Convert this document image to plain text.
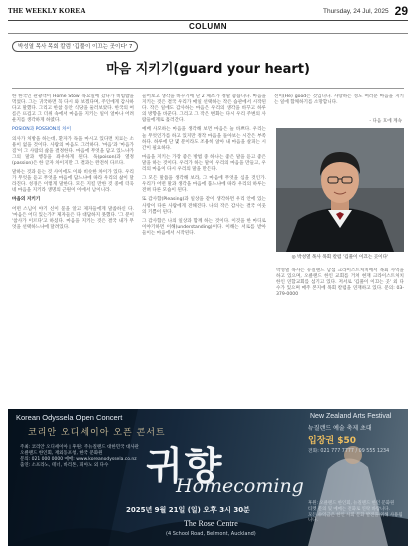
THE WEEKLY KOREA	Thursday, 24 Jul, 2025 29
COLUMN
박성열 목사 목회 칼럼 '깁풀이 이끄는 곳이다' 7
마음 지키기(guard your heart)

한 한국인 관광객이 Home Stow 목요일에 갔다가 비빔밥을 먹었다. 그는 귀국하면 꼭 다시 와 보겠다며, 주인에게 감사하다고 말했다. 그리고 한참 동안 식당을 둘러보았다. 한국의 여름은 뜨겁고 그 더위 속에서 마음을 지키는 일이 얼마나 어려운지를 생각하게 하였다.

POSION과 POSSION의 차이

의사가 처방을 하는데, 환자가 독을 마시고 있다면 치료는 소용이 없을 것이다. 사람의 마음도 그러하다. '마음'과 '마음가짐'이 그 사람의 삶을 결정한다. 마음에 무엇을 담고 있느냐가 그의 말과 행동을 좌우하게 된다. 독(poison)과 열정(passion)은 한 글자 차이지만 그 결과는 완전히 다르다.

말하는 것과 듣는 것 사이에도 이와 비슷한 차이가 있다. 우리가 무엇을 듣고 무엇을 마음에 담느냐에 따라 우리의 삶이 달라진다. 성경은 이렇게 말한다. 모든 지킬 만한 것 중에 더욱 네 마음을 지키라 생명의 근원이 이에서 남이니라.

마음의 지키기

어떤 스님이 야기 신이 묻을 알고 제자들에게 말씀하신 다. '마음은 어디 있는가?' 제자들은 다 대답하지 못했다. '그 분이 '참사가 이르다'고 하셨다. 마음을 지키는 것은 결국 내가 무엇을 선택하느냐에 달려있다.

들어보고 생각을 바꾸기에 단 2 체조가 정말 좋습니다. 마음을 지키는 것은 결국 우리가 매일 선택하는 작은 습관에서 시작된다. 작은 일에도 감사하는 마음은 우리의 생각을 바꾸고 하루의 방향을 바꾼다. 그리고 그 작은 변화는 다시 우리 주변의 사람들에게로 흘러간다.

예배 사모하는 마음을 생각해 보면 마음은 늘 바쁘다. 우리는 늘 무엇인가를 하고 있지만 정작 마음을 돌아보는 시간은 부족하다. 하루에 단 몇 분이라도 조용히 앉아 내 마음을 살피는 시간이 필요하다.

마음을 지키는 가장 좋은 방법 중 하나는 좋은 말을 듣고 좋은 말을 하는 것이다. 우리가 하는 말이 우리의 마음을 만들고, 우리의 마음이 다시 우리의 말을 만든다.

그 모든 말씀을 생각해 보라, 그 마음에 무엇을 심을 것인가. 우리가 어떤 말과 생각을 마음에 품느냐에 따라 우리의 하루는 전혀 다른 모습이 된다.

또 감사함(Pleasing)과 일상을 같이 생각하면 우리 안에 있는 사랑이 다른 사람에게 전해진다. 나의 작은 감사는 결국 이웃의 기쁨이 된다.

그 감사함은 나의 일상과 함께 하는 것이다. 이것을 한 마디로 이야기하면 이해(understanding)이다. 이해는 서로를 받아들이는 마음에서 시작된다.

선이(He) good은 것입니다. 사랑하는 성도 여러분 마음을 지키는 일에 함께하기를 소망합니다.

- 다음 호에 계속
◎ 박성열 목사 목회 칼럼 '깁풀이 이끄는 곳이다'
박성열 목사는 뉴질랜드 남섬 크라이스트처치에서 목회 사역을 하고 있으며, 오클랜드 한인 교회를 거쳐 현재 크라이스트처치 한인 연합교회를 섬기고 있다. 저서로 '깁풀이 이끄는 곳' 외 다수가 있으며 매주 본지에 목회 칼럼을 연재하고 있다. 문의: 03-379-0000
Korean Odyssela Open Concert
코리안 오디세이아 오픈 콘서트
주최: 코리안 오디세이아 | 후원: 주뉴질랜드 대한민국 대사관
오클랜드 한인회, 재외동포청, 한국 문화원
문의: 021 000 0000 예매: www.koreanodyssela.co.nz
출연: 소프라노, 테너, 바리톤, 피아노 외 다수 귀향
Homecoming
2025년 9월 21일 (일) 오후 3시 30분
The Rose Centre
(4 School Road, Belmont, Auckland)
New Zealand Arts Festival
뉴질랜드 예술 축제 초대
입장권 $50
전화: 021 777 7777 / 09 555 1234
후원: 오클랜드 한인회, 뉴질랜드 한인 문화원
티켓 문의 및 예매는 전화로 연락 바랍니다.
모든 수익금은 한인 사회 문화 발전을 위해 사용됩니다.
